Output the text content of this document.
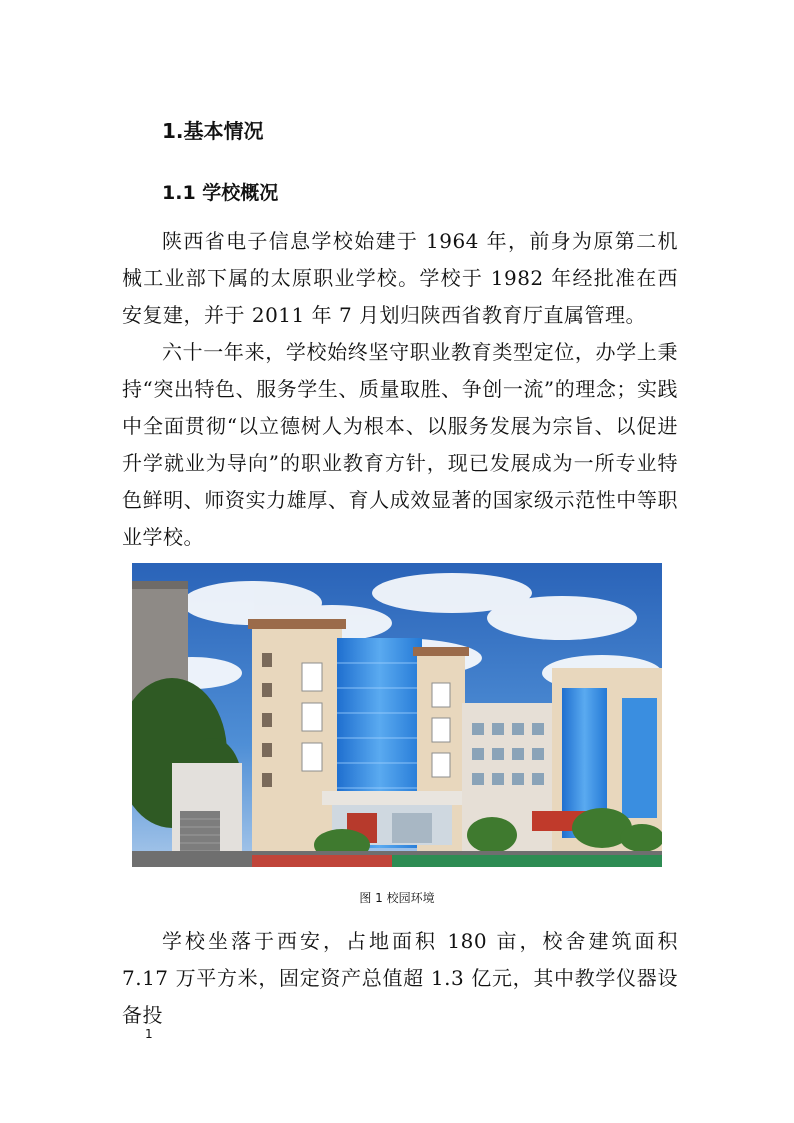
1.基本情况
1.1 学校概况

陕西省电子信息学校始建于 1964 年，前身为原第二机械工业部下属的太原职业学校。学校于 1982 年经批准在西安复建，并于 2011 年 7 月划归陕西省教育厅直属管理。

六十一年来，学校始终坚守职业教育类型定位，办学上秉持“突出特色、服务学生、质量取胜、争创一流”的理念；实践中全面贯彻“以立德树人为根本、以服务发展为宗旨、以促进升学就业为导向”的职业教育方针，现已发展成为一所专业特色鲜明、师资实力雄厚、育人成效显著的国家级示范性中等职业学校。

图 1 校园环境

学校坐落于西安，占地面积 180 亩，校舍建筑面积 7.17 万平方米，固定资产总值超 1.3 亿元，其中教学仪器设备投

1
